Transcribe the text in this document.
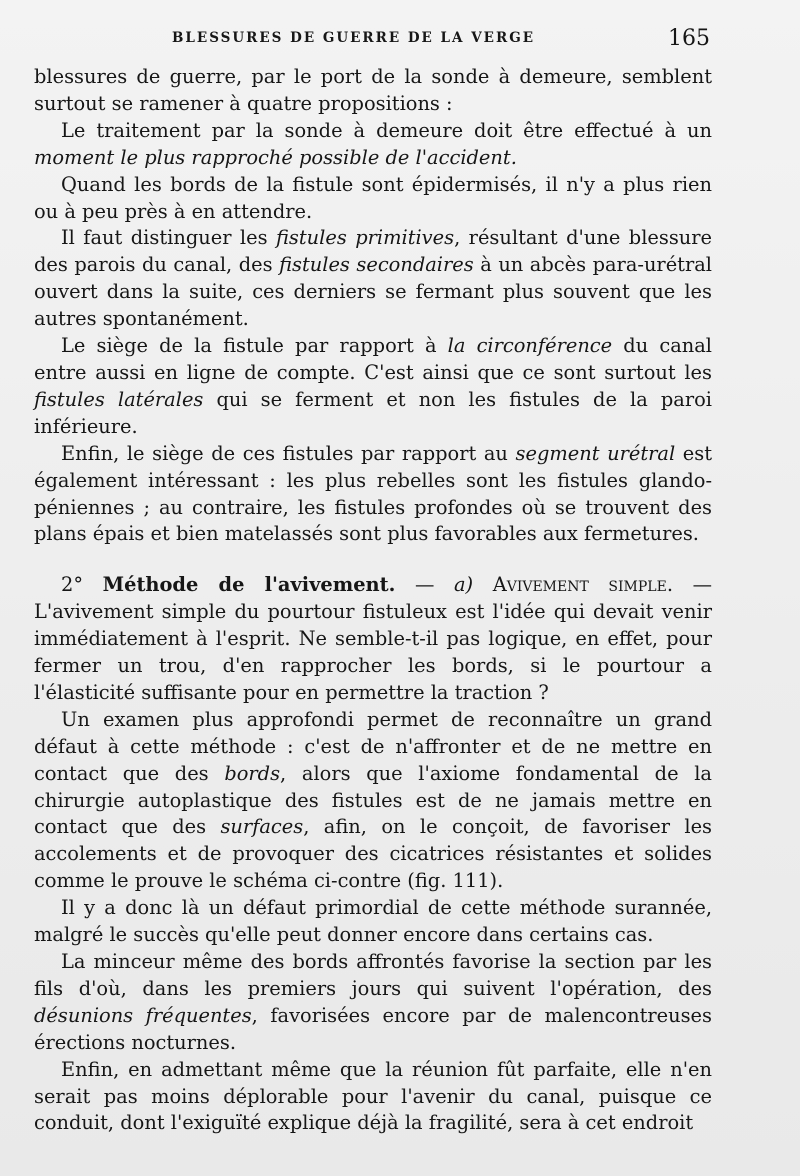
BLESSURES DE GUERRE DE LA VERGE	165

blessures de guerre, par le port de la sonde à demeure, semblent surtout se ramener à quatre propositions :

Le traitement par la sonde à demeure doit être effectué à un moment le plus rapproché possible de l'accident.

Quand les bords de la fistule sont épidermisés, il n'y a plus rien ou à peu près à en attendre.

Il faut distinguer les fistules primitives, résultant d'une blessure des parois du canal, des fistules secondaires à un abcès para-urétral ouvert dans la suite, ces derniers se fermant plus souvent que les autres spontanément.

Le siège de la fistule par rapport à la circonférence du canal entre aussi en ligne de compte. C'est ainsi que ce sont surtout les fistules latérales qui se ferment et non les fistules de la paroi inférieure.

Enfin, le siège de ces fistules par rapport au segment urétral est également intéressant : les plus rebelles sont les fistules glando-péniennes ; au contraire, les fistules profondes où se trouvent des plans épais et bien matelassés sont plus favorables aux fermetures.

2° Méthode de l'avivement. — a) Avivement simple. — L'avivement simple du pourtour fistuleux est l'idée qui devait venir immédiatement à l'esprit. Ne semble-t-il pas logique, en effet, pour fermer un trou, d'en rapprocher les bords, si le pourtour a l'élasticité suffisante pour en permettre la traction ?

Un examen plus approfondi permet de reconnaître un grand défaut à cette méthode : c'est de n'affronter et de ne mettre en contact que des bords, alors que l'axiome fondamental de la chirurgie autoplastique des fistules est de ne jamais mettre en contact que des surfaces, afin, on le conçoit, de favoriser les accolements et de provoquer des cicatrices résistantes et solides comme le prouve le schéma ci-contre (fig. 111).

Il y a donc là un défaut primordial de cette méthode surannée, malgré le succès qu'elle peut donner encore dans certains cas.

La minceur même des bords affrontés favorise la section par les fils d'où, dans les premiers jours qui suivent l'opération, des désunions fréquentes, favorisées encore par de malencontreuses érections nocturnes.

Enfin, en admettant même que la réunion fût parfaite, elle n'en serait pas moins déplorable pour l'avenir du canal, puisque ce conduit, dont l'exiguïté explique déjà la fragilité, sera à cet endroit
